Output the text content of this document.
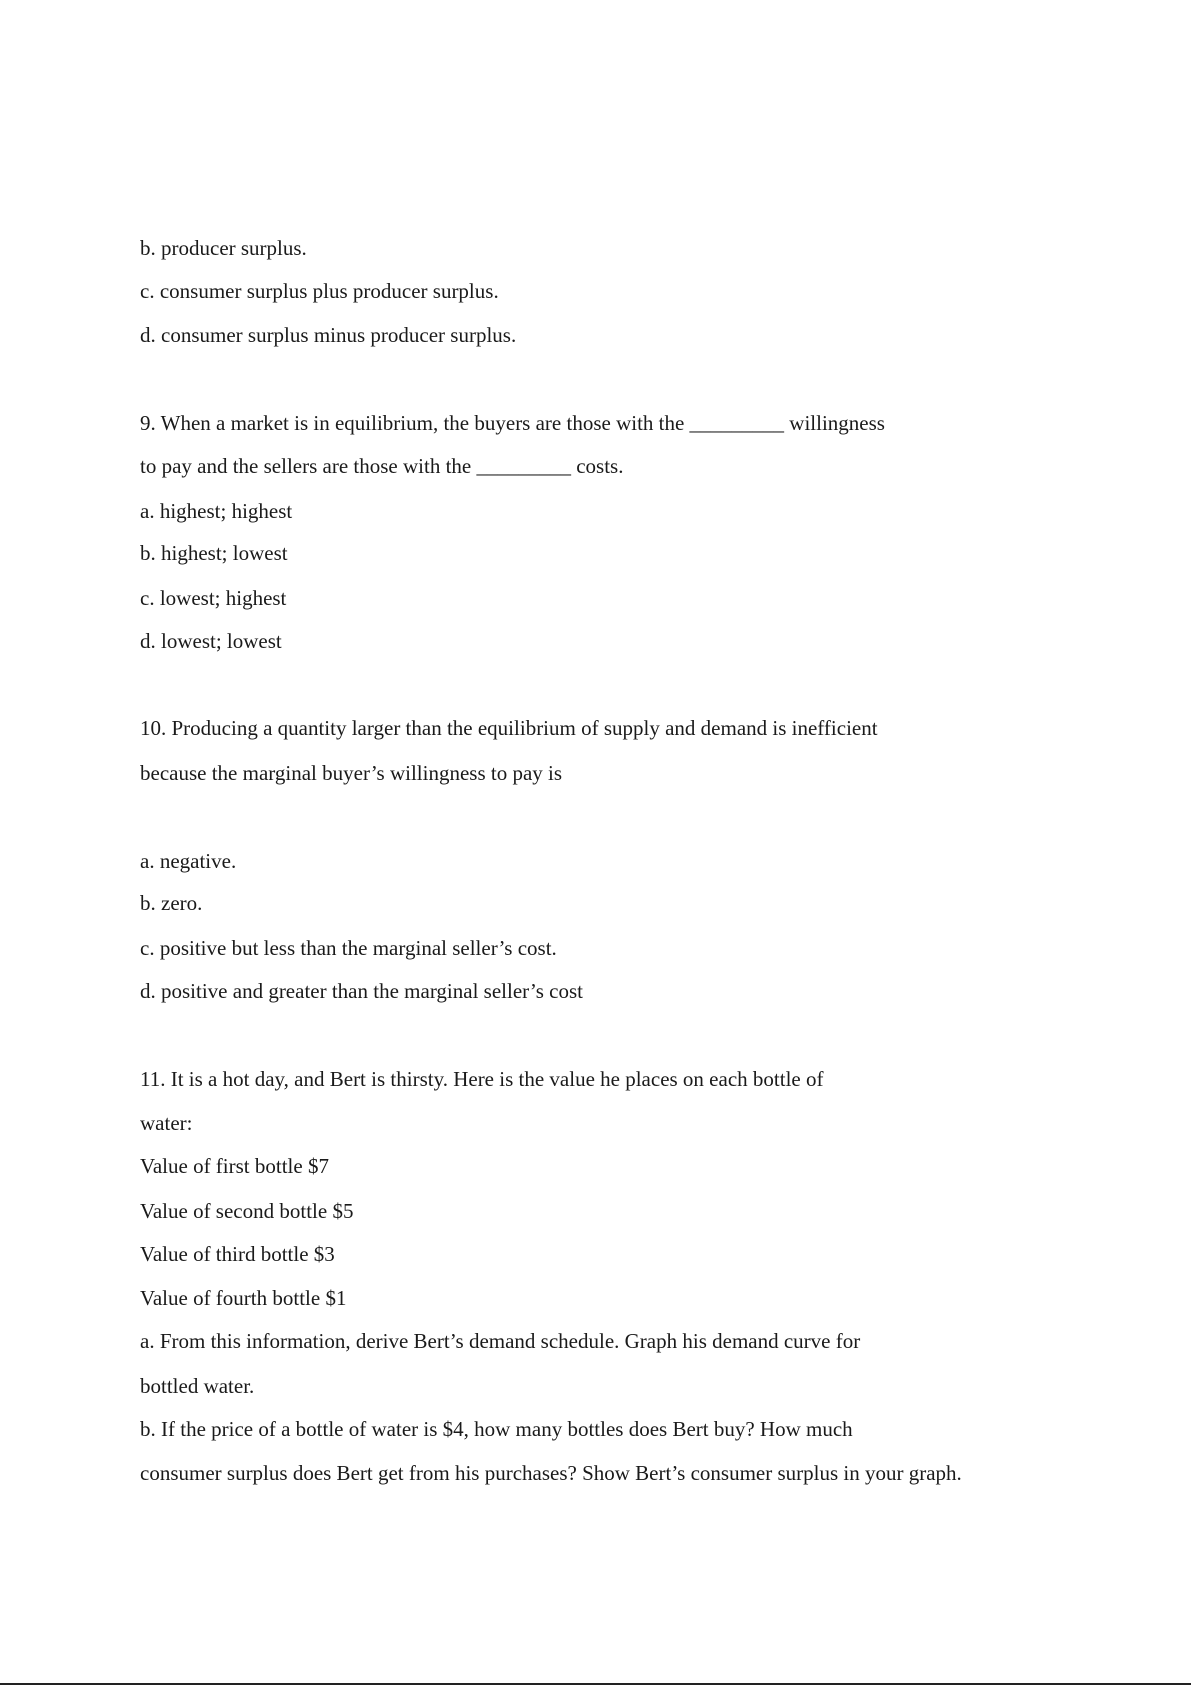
b. producer surplus.
c. consumer surplus plus producer surplus.
d. consumer surplus minus producer surplus.
9. When a market is in equilibrium, the buyers are those with the _________ willingness
to pay and the sellers are those with the _________ costs.
a. highest; highest
b. highest; lowest
c. lowest; highest
d. lowest; lowest
10. Producing a quantity larger than the equilibrium of supply and demand is inefficient
because the marginal buyer’s willingness to pay is
a. negative.
b. zero.
c. positive but less than the marginal seller’s cost.
d. positive and greater than the marginal seller’s cost
11. It is a hot day, and Bert is thirsty. Here is the value he places on each bottle of
water:
Value of first bottle $7
Value of second bottle $5
Value of third bottle $3
Value of fourth bottle $1
a. From this information, derive Bert’s demand schedule. Graph his demand curve for
bottled water.
b. If the price of a bottle of water is $4, how many bottles does Bert buy? How much
consumer surplus does Bert get from his purchases? Show Bert’s consumer surplus in your graph.
